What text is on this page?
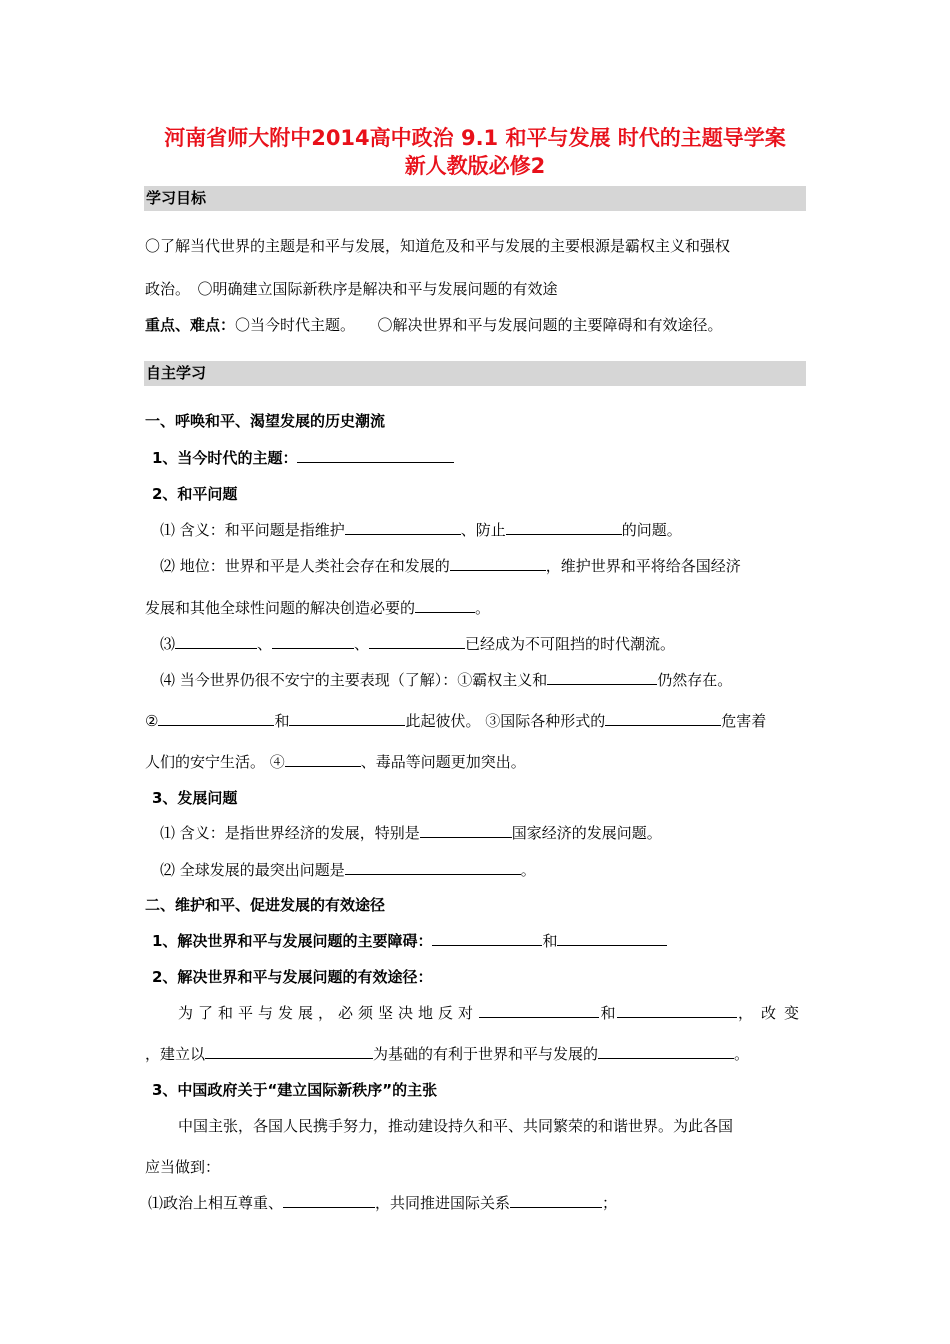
河南省师大附中2014高中政治 9.1 和平与发展 时代的主题导学案
新人教版必修2
学习目标
〇了解当代世界的主题是和平与发展，知道危及和平与发展的主要根源是霸权主义和强权
政治。　〇明确建立国际新秩序是解决和平与发展问题的有效途
重点、难点：〇当今时代主题。　　〇解决世界和平与发展问题的主要障碍和有效途径。
自主学习
一、呼唤和平、渴望发展的历史潮流
1、当今时代的主题：
2、和平问题
⑴ 含义：和平问题是指维护	、防止	的问题。
⑵ 地位：世界和平是人类社会存在和发展的	，维护世界和平将给各国经济
发展和其他全球性问题的解决创造必要的	。
⑶	、	、	已经成为不可阻挡的时代潮流。
⑷ 当今世界仍很不安宁的主要表现（了解）：①霸权主义和	仍然存在。
②	和	此起彼伏。 ③国际各种形式的	危害着
人们的安宁生活。 ④	、毒品等问题更加突出。
3、发展问题
⑴ 含义：是指世界经济的发展，特别是	国家经济的发展问题。
⑵ 全球发展的最突出问题是	。
二、维护和平、促进发展的有效途径
1、解决世界和平与发展问题的主要障碍：	和
2、解决世界和平与发展问题的有效途径：
为了和平与发展，必须坚决地反对	和	，改变
，建立以	为基础的有利于世界和平与发展的	。
3、中国政府关于“建立国际新秩序”的主张
中国主张，各国人民携手努力，推动建设持久和平、共同繁荣的和谐世界。为此各国
应当做到：
⑴政治上相互尊重、	，共同推进国际关系	；
